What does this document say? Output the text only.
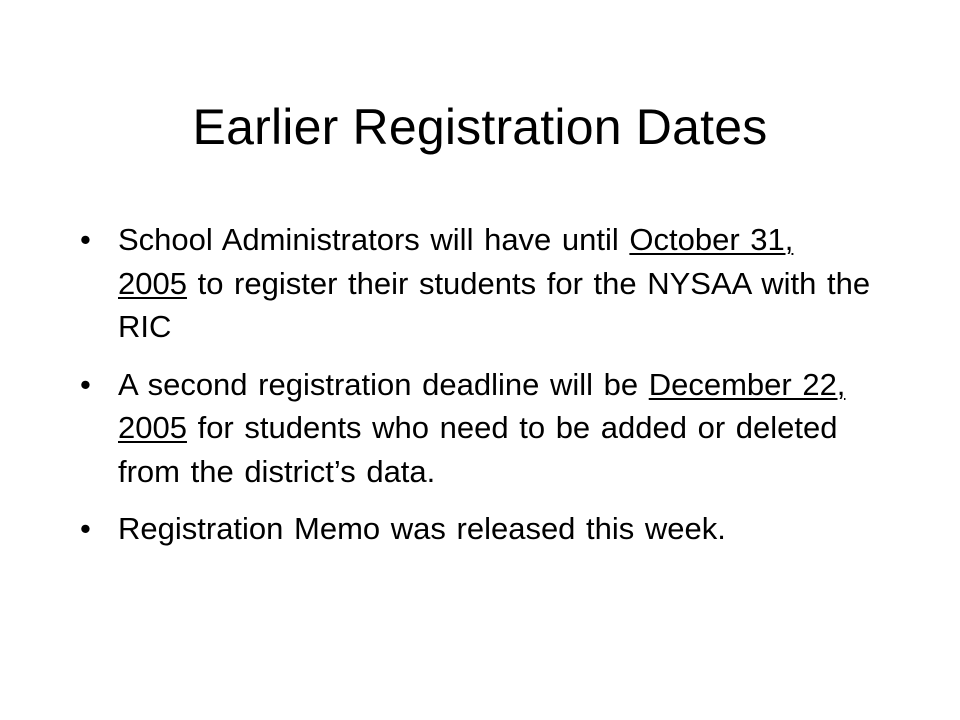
Earlier Registration Dates
• School Administrators will have until October 31, 2005 to register their students for the NYSAA with the RIC
• A second registration deadline will be December 22, 2005 for students who need to be added or deleted from the district’s data.
• Registration Memo was released this week.
